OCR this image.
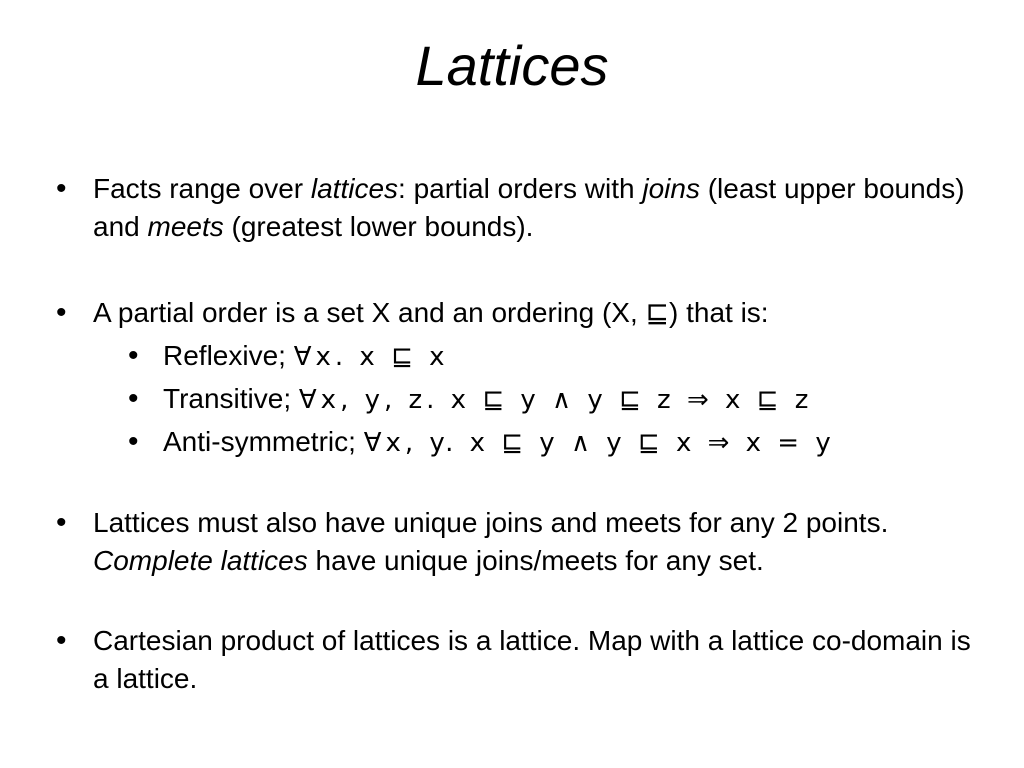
Lattices
• Facts range over lattices: partial orders with joins (least upper bounds) and meets (greatest lower bounds).
• A partial order is a set X and an ordering (X, ⊑) that is:
• Reflexive; ∀x. x ⊑ x
• Transitive; ∀x, y, z. x ⊑ y ∧ y ⊑ z ⇒ x ⊑ z
• Anti-symmetric; ∀x, y. x ⊑ y ∧ y ⊑ x ⇒ x = y
• Lattices must also have unique joins and meets for any 2 points. Complete lattices have unique joins/meets for any set.
• Cartesian product of lattices is a lattice. Map with a lattice co-domain is a lattice.
